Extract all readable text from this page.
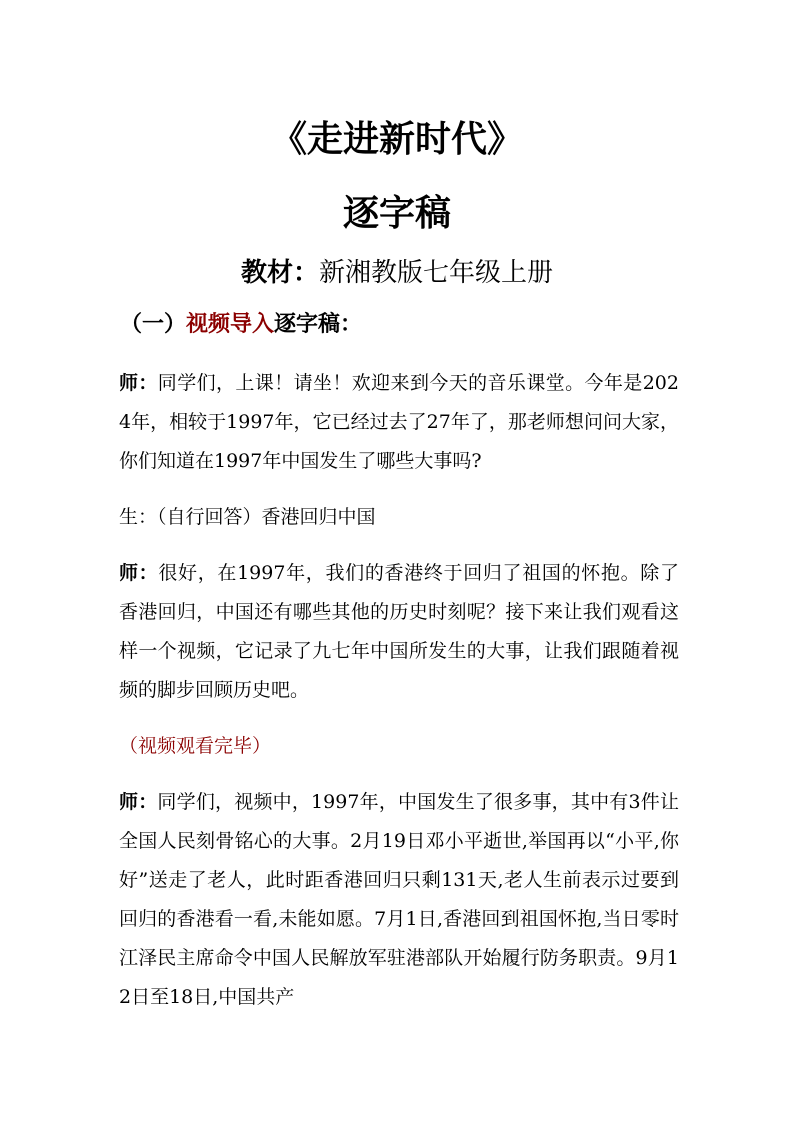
《走进新时代》
逐字稿

教材：新湘教版七年级上册

（一）视频导入逐字稿：

师：同学们，上课！请坐！欢迎来到今天的音乐课堂。今年是2024年，相较于1997年，它已经过去了27年了，那老师想问问大家，你们知道在1997年中国发生了哪些大事吗?

生：（自行回答）香港回归中国

师：很好，在1997年，我们的香港终于回归了祖国的怀抱。除了香港回归，中国还有哪些其他的历史时刻呢？接下来让我们观看这样一个视频，它记录了九七年中国所发生的大事，让我们跟随着视频的脚步回顾历史吧。

（视频观看完毕）

师：同学们，视频中，1997年，中国发生了很多事，其中有3件让全国人民刻骨铭心的大事。2月19日邓小平逝世,举国再以“小平,你好”送走了老人，此时距香港回归只剩131天,老人生前表示过要到回归的香港看一看,未能如愿。7月1日,香港回到祖国怀抱,当日零时江泽民主席命令中国人民解放军驻港部队开始履行防务职责。9月12日至18日,中国共产
